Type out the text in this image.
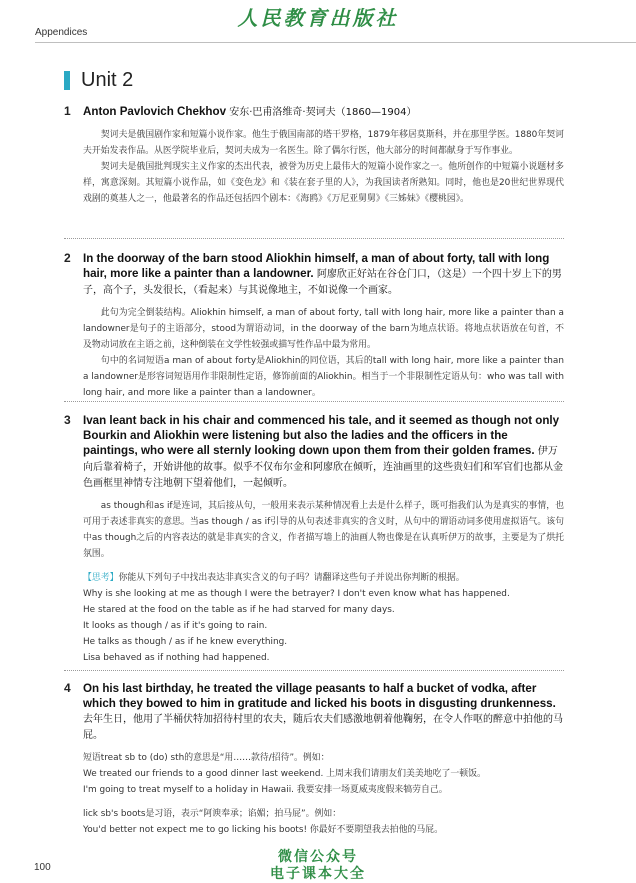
人民教育出版社
Appendices
Unit 2
1 Anton Pavlovich Chekhov 安东·巴甫洛维奇·契诃夫（1860—1904）

契诃夫是俄国剧作家和短篇小说作家。他生于俄国南部的塔干罗格，1879年移居莫斯科，并在那里学医。1880年契诃夫开始发表作品。从医学院毕业后，契诃夫成为一名医生。除了偶尔行医，他大部分的时间都献身于写作事业。

契诃夫是俄国批判现实主义作家的杰出代表，被誉为历史上最伟大的短篇小说作家之一。他所创作的中短篇小说题材多样，寓意深刻。其短篇小说作品，如《变色龙》和《装在套子里的人》，为我国读者所熟知。同时，他也是20世纪世界现代戏剧的奠基人之一，他最著名的作品还包括四个剧本：《海鸥》《万尼亚舅舅》《三姊妹》《樱桃园》。

2 In the doorway of the barn stood Aliokhin himself, a man of about forty, tall with long hair, more like a painter than a landowner. 阿廖欣正好站在谷仓门口，（这是）一个四十岁上下的男子，高个子，头发很长，（看起来）与其说像地主，不如说像一个画家。

此句为完全倒装结构。Aliokhin himself, a man of about forty, tall with long hair, more like a painter than a landowner是句子的主语部分，stood为谓语动词，in the doorway of the barn为地点状语。将地点状语放在句首，不及物动词放在主语之前，这种倒装在文学性较强或描写性作品中最为常用。

句中的名词短语a man of about forty是Aliokhin的同位语，其后的tall with long hair, more like a painter than a landowner是形容词短语用作非限制性定语，修饰前面的Aliokhin。相当于一个非限制性定语从句：who was tall with long hair, and more like a painter than a landowner。

3 Ivan leant back in his chair and commenced his tale, and it seemed as though not only Bourkin and Aliokhin were listening but also the ladies and the officers in the paintings, who were all sternly looking down upon them from their golden frames. 伊万向后靠着椅子，开始讲他的故事。似乎不仅布尔金和阿廖欣在倾听，连油画里的这些贵妇们和军官们也都从金色画框里神情专注地朝下望着他们，一起倾听。

as though和as if是连词，其后接从句，一般用来表示某种情况看上去是什么样子，既可指我们认为是真实的事情，也可用于表述非真实的意思。当as though / as if引导的从句表述非真实的含义时，从句中的谓语动词多使用虚拟语气。该句中as though之后的内容表达的就是非真实的含义，作者描写墙上的油画人物也像是在认真听伊万的故事，主要是为了烘托氛围。

【思考】你能从下列句子中找出表达非真实含义的句子吗？请翻译这些句子并说出你判断的根据。

Why is she looking at me as though I were the betrayer? I don't even know what has happened.

He stared at the food on the table as if he had starved for many days.

It looks as though / as if it's going to rain.

He talks as though / as if he knew everything.

Lisa behaved as if nothing had happened.

4 On his last birthday, he treated the village peasants to half a bucket of vodka, after which they bowed to him in gratitude and licked his boots in disgusting drunkenness. 去年生日，他用了半桶伏特加招待村里的农夫，随后农夫们感激地朝着他鞠躬，在令人作呕的醉意中拍他的马屁。

短语treat sb to (do) sth的意思是“用……款待/招待”。例如：

We treated our friends to a good dinner last weekend. 上周末我们请朋友们美美地吃了一顿饭。

I'm going to treat myself to a holiday in Hawaii. 我要安排一场夏威夷度假来犒劳自己。

lick sb's boots是习语，表示“阿谀奉承；谄媚；拍马屁”。例如：

You'd better not expect me to go licking his boots! 你最好不要期望我去拍他的马屁。

微信公众号
电子课本大全
100
